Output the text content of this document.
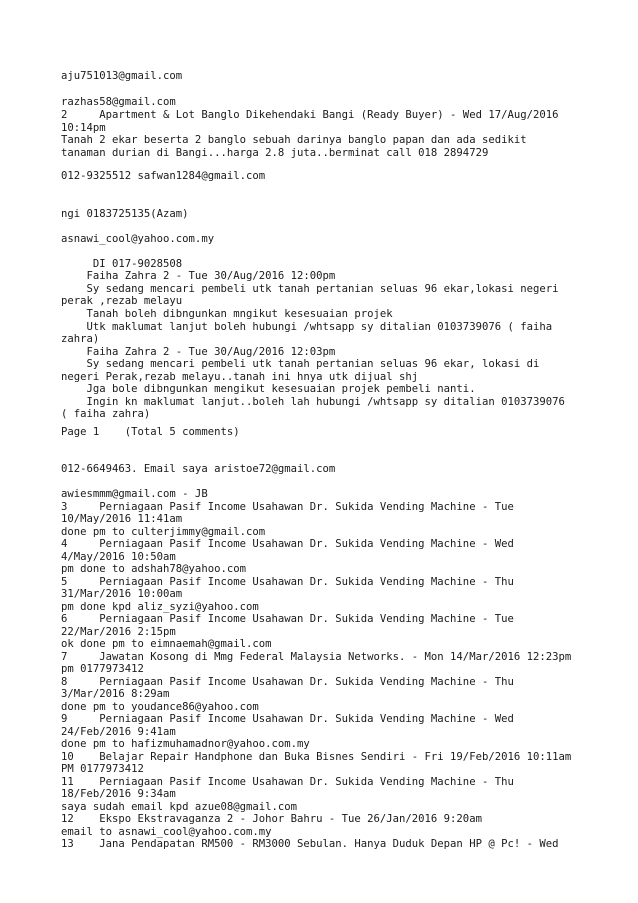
aju751013@gmail.com
razhas58@gmail.com
2     Apartment & Lot Banglo Dikehendaki Bangi (Ready Buyer) - Wed 17/Aug/2016
10:14pm
Tanah 2 ekar beserta 2 banglo sebuah darinya banglo papan dan ada sedikit
tanaman durian di Bangi...harga 2.8 juta..berminat call 018 2894729
012-9325512 safwan1284@gmail.com
ngi 0183725135(Azam)
asnawi_cool@yahoo.com.my
DI 017-9028508
Faiha Zahra 2 - Tue 30/Aug/2016 12:00pm
Sy sedang mencari pembeli utk tanah pertanian seluas 96 ekar,lokasi negeri
perak ,rezab melayu
Tanah boleh dibngunkan mngikut kesesuaian projek
Utk maklumat lanjut boleh hubungi /whtsapp sy ditalian 0103739076 ( faiha
zahra)
Faiha Zahra 2 - Tue 30/Aug/2016 12:03pm
Sy sedang mencari pembeli utk tanah pertanian seluas 96 ekar, lokasi di
negeri Perak,rezab melayu..tanah ini hnya utk dijual shj
Jga bole dibngunkan mengikut kesesuaian projek pembeli nanti.
Ingin kn maklumat lanjut..boleh lah hubungi /whtsapp sy ditalian 0103739076
( faiha zahra)
Page 1    (Total 5 comments)
012-6649463. Email saya aristoe72@gmail.com
awiesmmm@gmail.com - JB
3     Perniagaan Pasif Income Usahawan Dr. Sukida Vending Machine - Tue
10/May/2016 11:41am
done pm to culterjimmy@gmail.com
4     Perniagaan Pasif Income Usahawan Dr. Sukida Vending Machine - Wed
4/May/2016 10:50am
pm done to adshah78@yahoo.com
5     Perniagaan Pasif Income Usahawan Dr. Sukida Vending Machine - Thu
31/Mar/2016 10:00am
pm done kpd aliz_syzi@yahoo.com
6     Perniagaan Pasif Income Usahawan Dr. Sukida Vending Machine - Tue
22/Mar/2016 2:15pm
ok done pm to eimnaemah@gmail.com
7     Jawatan Kosong di Mmg Federal Malaysia Networks. - Mon 14/Mar/2016 12:23pm
pm 0177973412
8     Perniagaan Pasif Income Usahawan Dr. Sukida Vending Machine - Thu
3/Mar/2016 8:29am
done pm to youdance86@yahoo.com
9     Perniagaan Pasif Income Usahawan Dr. Sukida Vending Machine - Wed
24/Feb/2016 9:41am
done pm to hafizmuhamadnor@yahoo.com.my
10    Belajar Repair Handphone dan Buka Bisnes Sendiri - Fri 19/Feb/2016 10:11am
PM 0177973412
11    Perniagaan Pasif Income Usahawan Dr. Sukida Vending Machine - Thu
18/Feb/2016 9:34am
saya sudah email kpd azue08@gmail.com
12    Ekspo Ekstravaganza 2 - Johor Bahru - Tue 26/Jan/2016 9:20am
email to asnawi_cool@yahoo.com.my
13    Jana Pendapatan RM500 - RM3000 Sebulan. Hanya Duduk Depan HP @ Pc! - Wed
